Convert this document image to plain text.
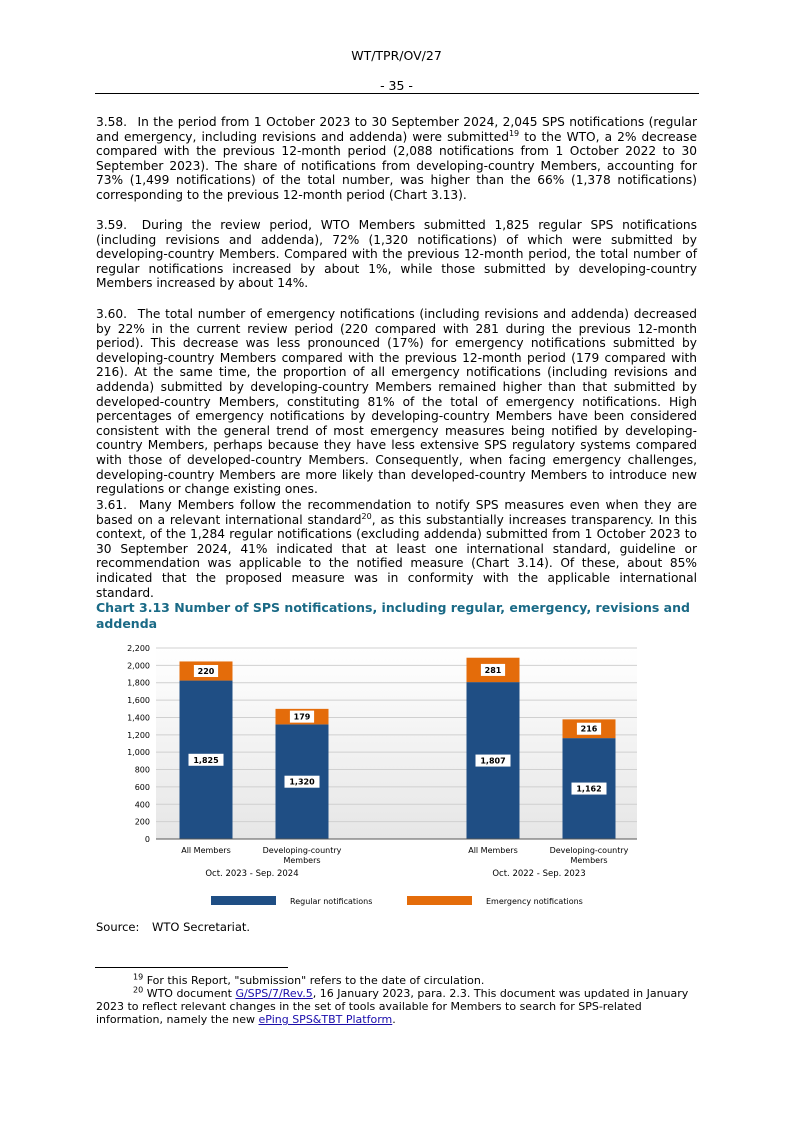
WT/TPR/OV/27
- 35 -

3.58. In the period from 1 October 2023 to 30 September 2024, 2,045 SPS notifications (regular and emergency, including revisions and addenda) were submitted$^{19}$ to the WTO, a 2% decrease compared with the previous 12-month period (2,088 notifications from 1 October 2022 to 30 September 2023). The share of notifications from developing-country Members, accounting for 73% (1,499 notifications) of the total number, was higher than the 66% (1,378 notifications) corresponding to the previous 12-month period (Chart 3.13).

3.59. During the review period, WTO Members submitted 1,825 regular SPS notifications (including revisions and addenda), 72% (1,320 notifications) of which were submitted by developing-country Members. Compared with the previous 12-month period, the total number of regular notifications increased by about 1%, while those submitted by developing-country Members increased by about 14%.

3.60. The total number of emergency notifications (including revisions and addenda) decreased by 22% in the current review period (220 compared with 281 during the previous 12-month period). This decrease was less pronounced (17%) for emergency notifications submitted by developing-country Members compared with the previous 12-month period (179 compared with 216). At the same time, the proportion of all emergency notifications (including revisions and addenda) submitted by developing-country Members remained higher than that submitted by developed-country Members, constituting 81% of the total of emergency notifications. High percentages of emergency notifications by developing-country Members have been considered consistent with the general trend of most emergency measures being notified by developing-country Members, perhaps because they have less extensive SPS regulatory systems compared with those of developed-country Members. Consequently, when facing emergency challenges, developing-country Members are more likely than developed-country Members to introduce new regulations or change existing ones.

3.61. Many Members follow the recommendation to notify SPS measures even when they are based on a relevant international standard$^{20}$, as this substantially increases transparency. In this context, of the 1,284 regular notifications (excluding addenda) submitted from 1 October 2023 to 30 September 2024, 41% indicated that at least one international standard, guideline or recommendation was applicable to the notified measure (Chart 3.14). Of these, about 85% indicated that the proposed measure was in conformity with the applicable international standard.

Chart 3.13 Number of SPS notifications, including regular, emergency, revisions and addenda

0
200
400
600
800
1,000
1,200
1,400
1,600
1,800
2,000
2,200
1,825
220
1,320
179
1,807
281
1,162
216
All Members	Developing-country Members
All Members	Developing-country Members
Oct. 2023 - Sep. 2024	Oct. 2022 - Sep. 2023
Regular notifications	Emergency notifications
Source: WTO Secretariat.

$^{19}$ For this Report, "submission" refers to the date of circulation.

$^{20}$ WTO document G/SPS/7/Rev.5, 16 January 2023, para. 2.3. This document was updated in January 2023 to reflect relevant changes in the set of tools available for Members to search for SPS-related information, namely the new ePing SPS&TBT Platform.
